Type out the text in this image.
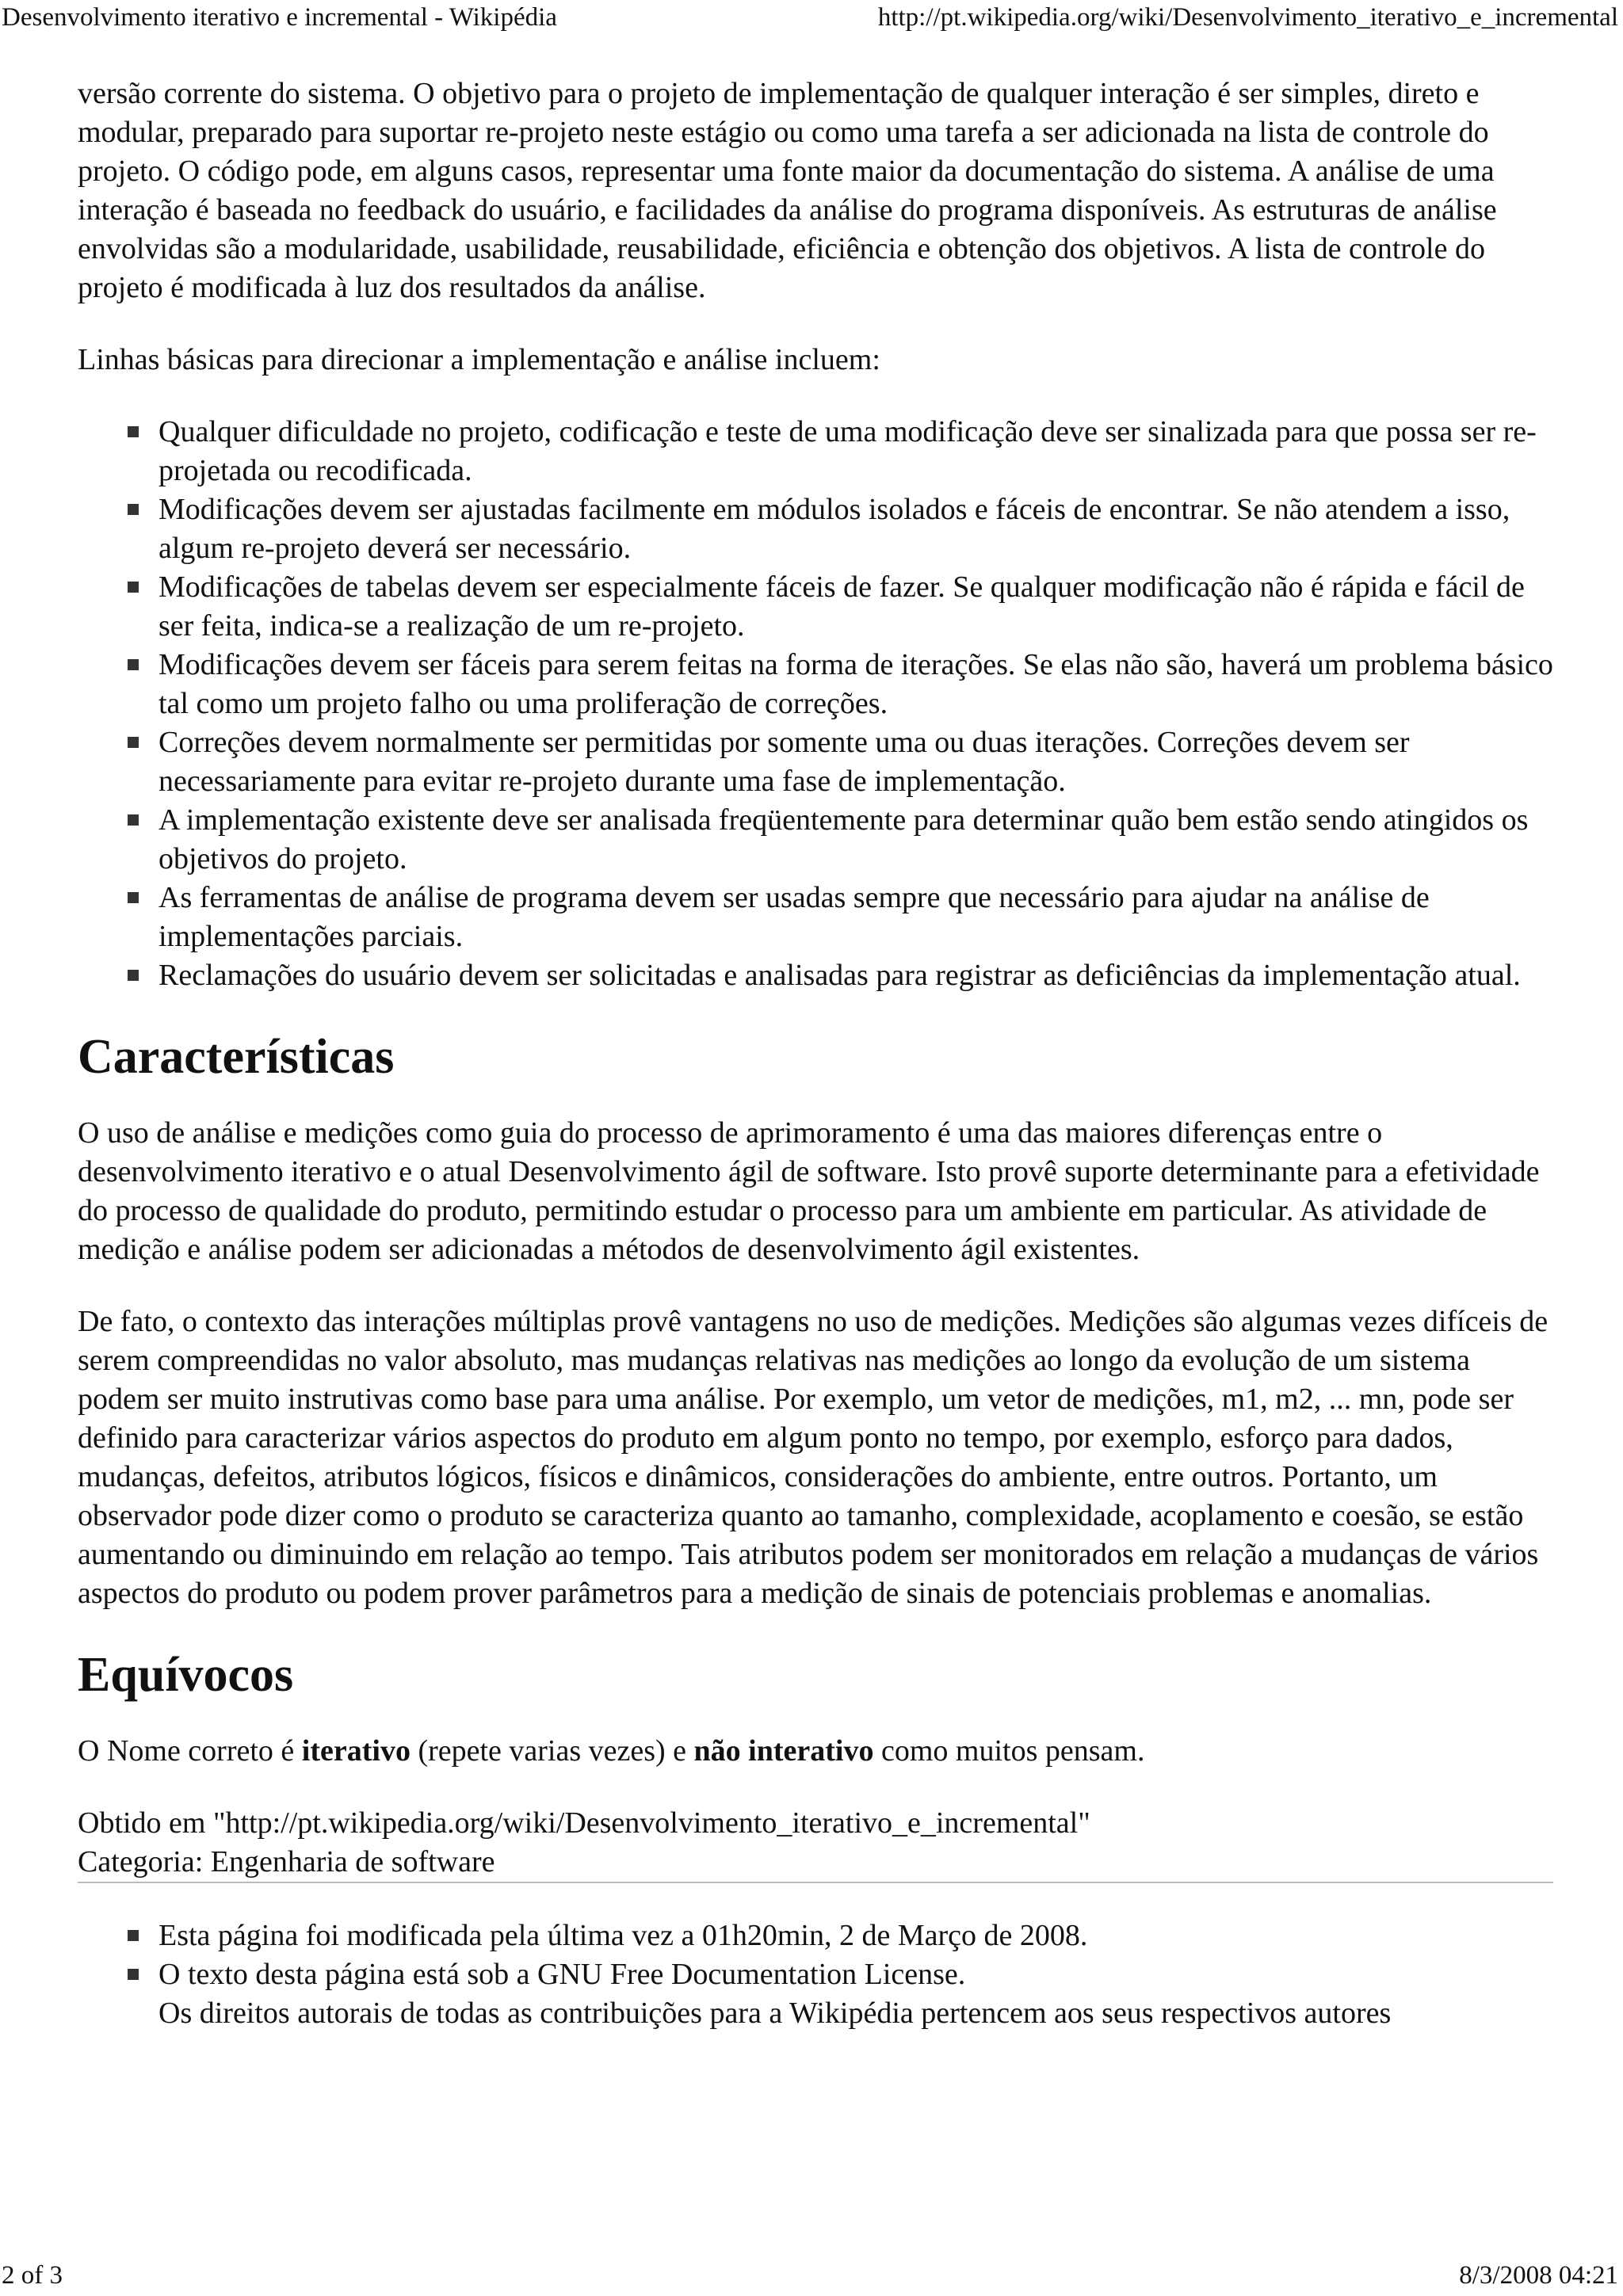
Desenvolvimento iterativo e incremental - Wikipédia	http://pt.wikipedia.org/wiki/Desenvolvimento_iterativo_e_incremental

versão corrente do sistema. O objetivo para o projeto de implementação de qualquer interação é ser simples, direto e modular, preparado para suportar re-projeto neste estágio ou como uma tarefa a ser adicionada na lista de controle do projeto. O código pode, em alguns casos, representar uma fonte maior da documentação do sistema. A análise de uma interação é baseada no feedback do usuário, e facilidades da análise do programa disponíveis. As estruturas de análise envolvidas são a modularidade, usabilidade, reusabilidade, eficiência e obtenção dos objetivos. A lista de controle do projeto é modificada à luz dos resultados da análise.

Linhas básicas para direcionar a implementação e análise incluem:

Qualquer dificuldade no projeto, codificação e teste de uma modificação deve ser sinalizada para que possa ser re-projetada ou recodificada.
Modificações devem ser ajustadas facilmente em módulos isolados e fáceis de encontrar. Se não atendem a isso, algum re-projeto deverá ser necessário.
Modificações de tabelas devem ser especialmente fáceis de fazer. Se qualquer modificação não é rápida e fácil de ser feita, indica-se a realização de um re-projeto.
Modificações devem ser fáceis para serem feitas na forma de iterações. Se elas não são, haverá um problema básico tal como um projeto falho ou uma proliferação de correções.
Correções devem normalmente ser permitidas por somente uma ou duas iterações. Correções devem ser necessariamente para evitar re-projeto durante uma fase de implementação.
A implementação existente deve ser analisada freqüentemente para determinar quão bem estão sendo atingidos os objetivos do projeto.
As ferramentas de análise de programa devem ser usadas sempre que necessário para ajudar na análise de implementações parciais.
Reclamações do usuário devem ser solicitadas e analisadas para registrar as deficiências da implementação atual.
Características

O uso de análise e medições como guia do processo de aprimoramento é uma das maiores diferenças entre o desenvolvimento iterativo e o atual Desenvolvimento ágil de software. Isto provê suporte determinante para a efetividade do processo de qualidade do produto, permitindo estudar o processo para um ambiente em particular. As atividade de medição e análise podem ser adicionadas a métodos de desenvolvimento ágil existentes.

De fato, o contexto das interações múltiplas provê vantagens no uso de medições. Medições são algumas vezes difíceis de serem compreendidas no valor absoluto, mas mudanças relativas nas medições ao longo da evolução de um sistema podem ser muito instrutivas como base para uma análise. Por exemplo, um vetor de medições, m1, m2, ... mn, pode ser definido para caracterizar vários aspectos do produto em algum ponto no tempo, por exemplo, esforço para dados, mudanças, defeitos, atributos lógicos, físicos e dinâmicos, considerações do ambiente, entre outros. Portanto, um observador pode dizer como o produto se caracteriza quanto ao tamanho, complexidade, acoplamento e coesão, se estão aumentando ou diminuindo em relação ao tempo. Tais atributos podem ser monitorados em relação a mudanças de vários aspectos do produto ou podem prover parâmetros para a medição de sinais de potenciais problemas e anomalias.

Equívocos

O Nome correto é iterativo (repete varias vezes) e não interativo como muitos pensam.

Obtido em "http://pt.wikipedia.org/wiki/Desenvolvimento_iterativo_e_incremental"
Categoria: Engenharia de software

Esta página foi modificada pela última vez a 01h20min, 2 de Março de 2008.
O texto desta página está sob a GNU Free Documentation License.
Os direitos autorais de todas as contribuições para a Wikipédia pertencem aos seus respectivos autores
2 of 3	8/3/2008 04:21
